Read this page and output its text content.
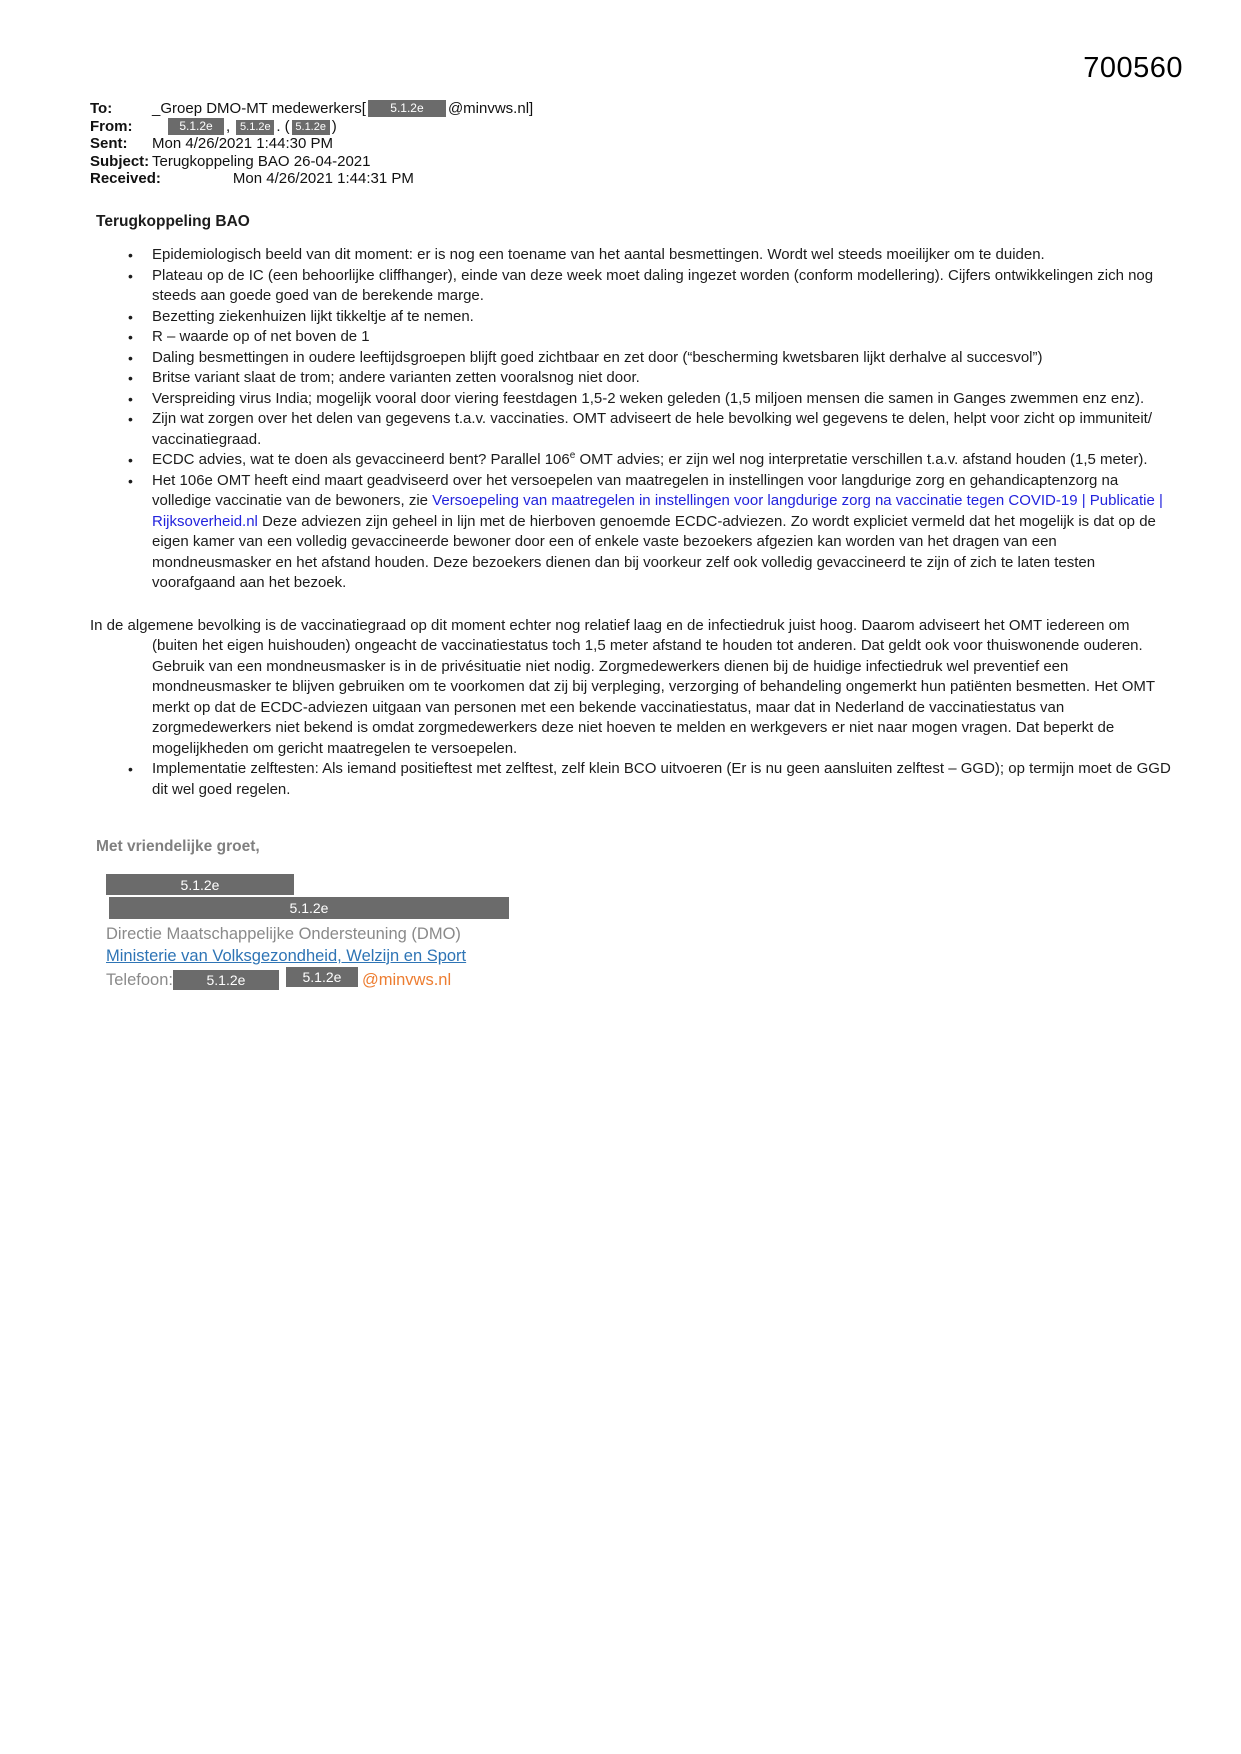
700560
To:	_Groep DMO-MT medewerkers[ 5.1.2e @minvws.nl]
From:	5.1.2e , 5.1.2e . ( 5.1.2e )
Sent: Mon 4/26/2021 1:44:30 PM
Subject: Terugkoppeling BAO 26-04-2021
Received:	Mon 4/26/2021 1:44:31 PM
Terugkoppeling BAO
• Epidemiologisch beeld van dit moment: er is nog een toename van het aantal besmettingen. Wordt wel steeds moeilijker om te duiden.
• Plateau op de IC (een behoorlijke cliffhanger), einde van deze week moet daling ingezet worden (conform modellering). Cijfers ontwikkelingen zich nog steeds aan goede goed van de berekende marge.
• Bezetting ziekenhuizen lijkt tikkeltje af te nemen.
• R – waarde op of net boven de 1
• Daling besmettingen in oudere leeftijdsgroepen blijft goed zichtbaar en zet door (“bescherming kwetsbaren lijkt derhalve al succesvol”)
• Britse variant slaat de trom; andere varianten zetten vooralsnog niet door.
• Verspreiding virus India; mogelijk vooral door viering feestdagen 1,5-2 weken geleden (1,5 miljoen mensen die samen in Ganges zwemmen enz enz).
• Zijn wat zorgen over het delen van gegevens t.a.v. vaccinaties. OMT adviseert de hele bevolking wel gegevens te delen, helpt voor zicht op immuniteit/ vaccinatiegraad.
• ECDC advies, wat te doen als gevaccineerd bent? Parallel 106e OMT advies; er zijn wel nog interpretatie verschillen t.a.v. afstand houden (1,5 meter).
• Het 106e OMT heeft eind maart geadviseerd over het versoepelen van maatregelen in instellingen voor langdurige zorg en gehandicaptenzorg na volledige vaccinatie van de bewoners, zie Versoepeling van maatregelen in instellingen voor langdurige zorg na vaccinatie tegen COVID-19 | Publicatie | Rijksoverheid.nl Deze adviezen zijn geheel in lijn met de hierboven genoemde ECDC-adviezen. Zo wordt expliciet vermeld dat het mogelijk is dat op de eigen kamer van een volledig gevaccineerde bewoner door een of enkele vaste bezoekers afgezien kan worden van het dragen van een mondneusmasker en het afstand houden. Deze bezoekers dienen dan bij voorkeur zelf ook volledig gevaccineerd te zijn of zich te laten testen voorafgaand aan het bezoek.
In de algemene bevolking is de vaccinatiegraad op dit moment echter nog relatief laag en de infectiedruk juist hoog. Daarom adviseert het OMT iedereen om (buiten het eigen huishouden) ongeacht de vaccinatiestatus toch 1,5 meter afstand te houden tot anderen. Dat geldt ook voor thuiswonende ouderen. Gebruik van een mondneusmasker is in de privésituatie niet nodig. Zorgmedewerkers dienen bij de huidige infectiedruk wel preventief een mondneusmasker te blijven gebruiken om te voorkomen dat zij bij verpleging, verzorging of behandeling ongemerkt hun patiënten besmetten. Het OMT merkt op dat de ECDC-adviezen uitgaan van personen met een bekende vaccinatiestatus, maar dat in Nederland de vaccinatiestatus van zorgmedewerkers niet bekend is omdat zorgmedewerkers deze niet hoeven te melden en werkgevers er niet naar mogen vragen. Dat beperkt de mogelijkheden om gericht maatregelen te versoepelen.
• Implementatie zelftesten: Als iemand positieftest met zelftest, zelf klein BCO uitvoeren (Er is nu geen aansluiten zelftest – GGD); op termijn moet de GGD dit wel goed regelen.
Met vriendelijke groet,
5.1.2e
5.1.2e
Directie Maatschappelijke Ondersteuning (DMO)
Ministerie van Volksgezondheid, Welzijn en Sport
Telefoon:	5.1.2e	5.1.2e	@minvws.nl
